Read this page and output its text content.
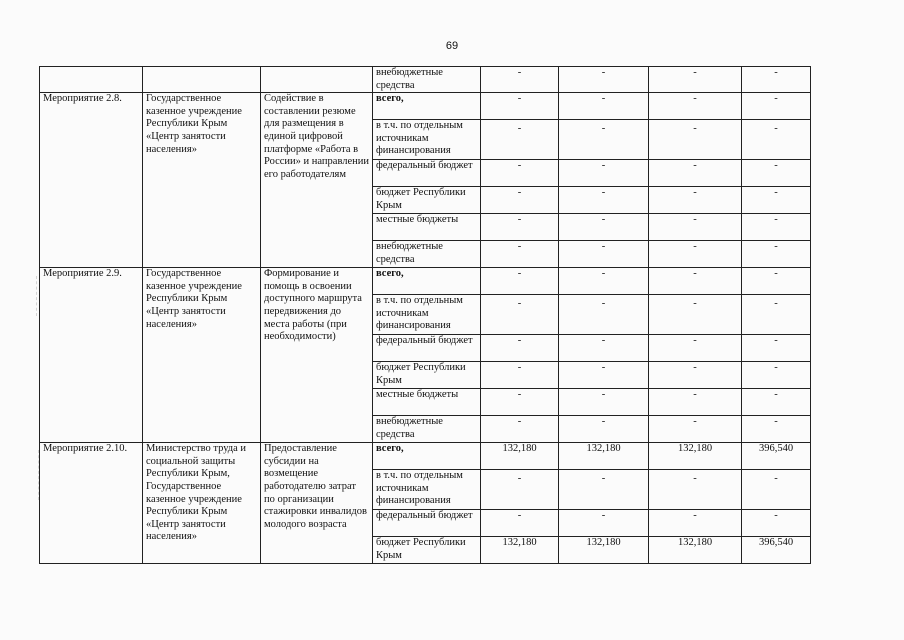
69
			внебюджетные средства	-	-	-	-
Мероприятие 2.8.	Государственное казенное учреждение Республики Крым «Центр занятости населения»	Содействие в составлении резюме для размещения в единой цифровой платформе «Работа в России» и направлении его работодателям	всего,	-	-	-	-
			в т.ч. по отдельным источникам финансирования	-	-	-	-
			федеральный бюджет	-	-	-	-
			бюджет Республики Крым	-	-	-	-
			местные бюджеты	-	-	-	-
			внебюджетные средства	-	-	-	-
Мероприятие 2.9.	Государственное казенное учреждение Республики Крым «Центр занятости населения»	Формирование и помощь в освоении доступного маршрута передвижения до места работы (при необходимости)	всего,	-	-	-	-
			в т.ч. по отдельным источникам финансирования	-	-	-	-
			федеральный бюджет	-	-	-	-
			бюджет Республики Крым	-	-	-	-
			местные бюджеты	-	-	-	-
			внебюджетные средства	-	-	-	-
Мероприятие 2.10.	Министерство труда и социальной защиты Республики Крым, Государственное казенное учреждение Республики Крым «Центр занятости населения»	Предоставление субсидии на возмещение работодателю затрат по организации стажировки инвалидов молодого возраста	всего,	132,180	132,180	132,180	396,540
			в т.ч. по отдельным источникам финансирования	-	-	-	-
			федеральный бюджет	-	-	-	-
			бюджет Республики Крым	132,180	132,180	132,180	396,540
